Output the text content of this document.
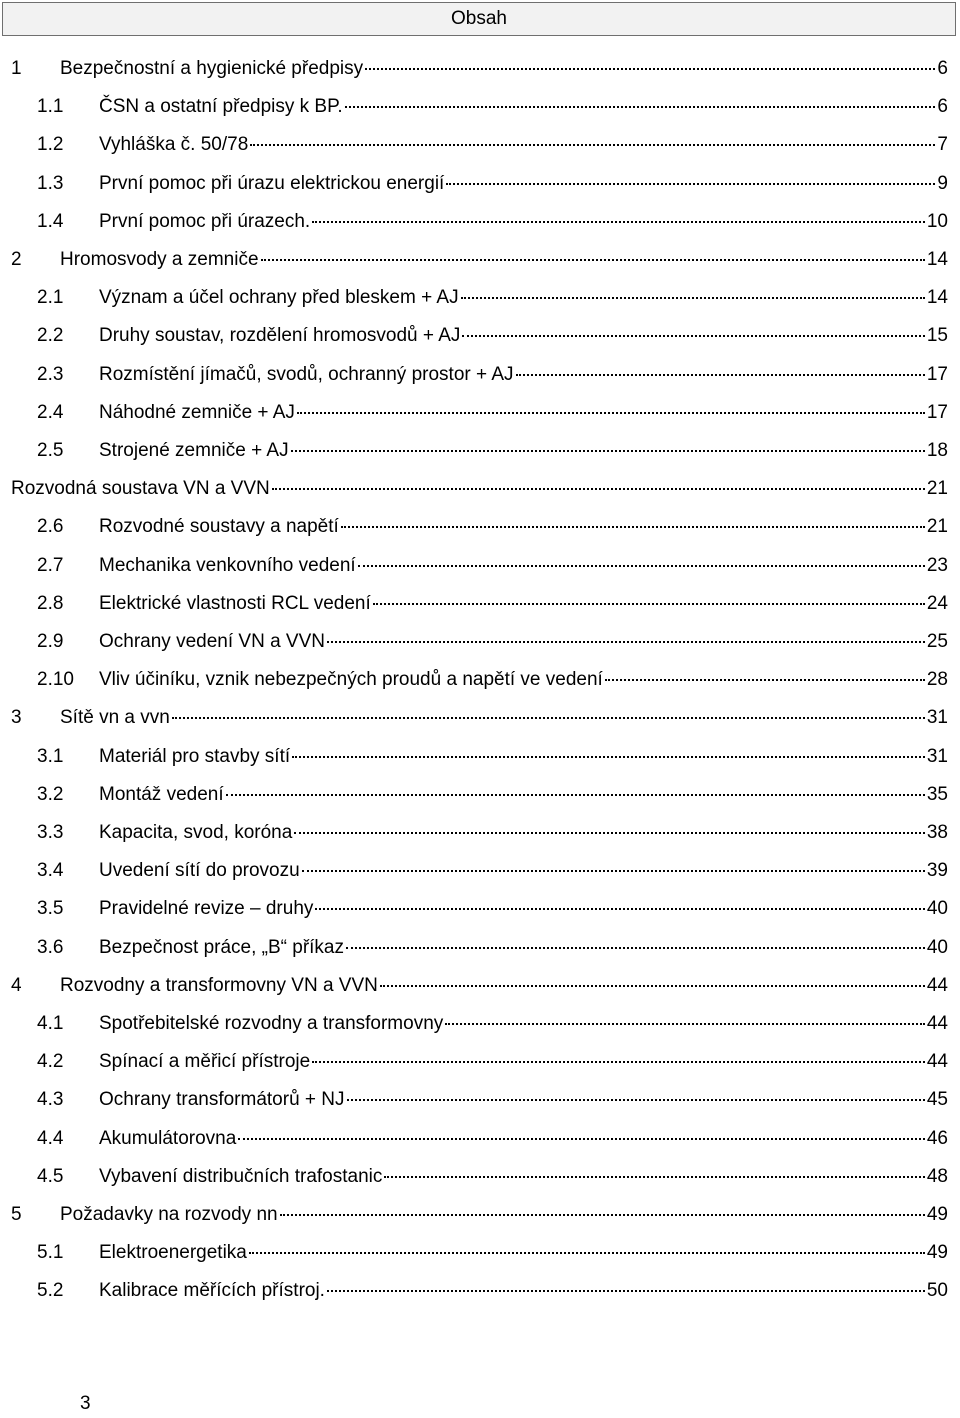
Obsah
1 Bezpečnostní a hygienické předpisy	6
1.1 ČSN a ostatní předpisy k BP.	6
1.2 Vyhláška č. 50/78	7
1.3 První pomoc při úrazu elektrickou energií	9
1.4 První pomoc při úrazech.	10
2 Hromosvody a zemniče	14
2.1 Význam a účel ochrany před bleskem + AJ	14
2.2 Druhy soustav, rozdělení hromosvodů + AJ	15
2.3 Rozmístění jímačů, svodů, ochranný prostor + AJ	17
2.4 Náhodné zemniče + AJ	17
2.5 Strojené zemniče + AJ	18
Rozvodná soustava VN a VVN	21
2.6 Rozvodné soustavy a napětí	21
2.7 Mechanika venkovního vedení	23
2.8 Elektrické vlastnosti RCL vedení	24
2.9 Ochrany vedení VN a VVN	25
2.10 Vliv účiníku, vznik nebezpečných proudů a napětí ve vedení	28
3 Sítě vn a vvn	31
3.1 Materiál pro stavby sítí	31
3.2 Montáž vedení	35
3.3 Kapacita, svod, koróna	38
3.4 Uvedení sítí do provozu	39
3.5 Pravidelné revize – druhy	40
3.6 Bezpečnost práce, „B“ příkaz	40
4 Rozvodny a transformovny VN a VVN	44
4.1 Spotřebitelské rozvodny a transformovny	44
4.2 Spínací a měřicí přístroje	44
4.3 Ochrany transformátorů + NJ	45
4.4 Akumulátorovna	46
4.5 Vybavení distribučních trafostanic	48
5 Požadavky na rozvody nn	49
5.1 Elektroenergetika	49
5.2 Kalibrace měřících přístroj.	50
3
